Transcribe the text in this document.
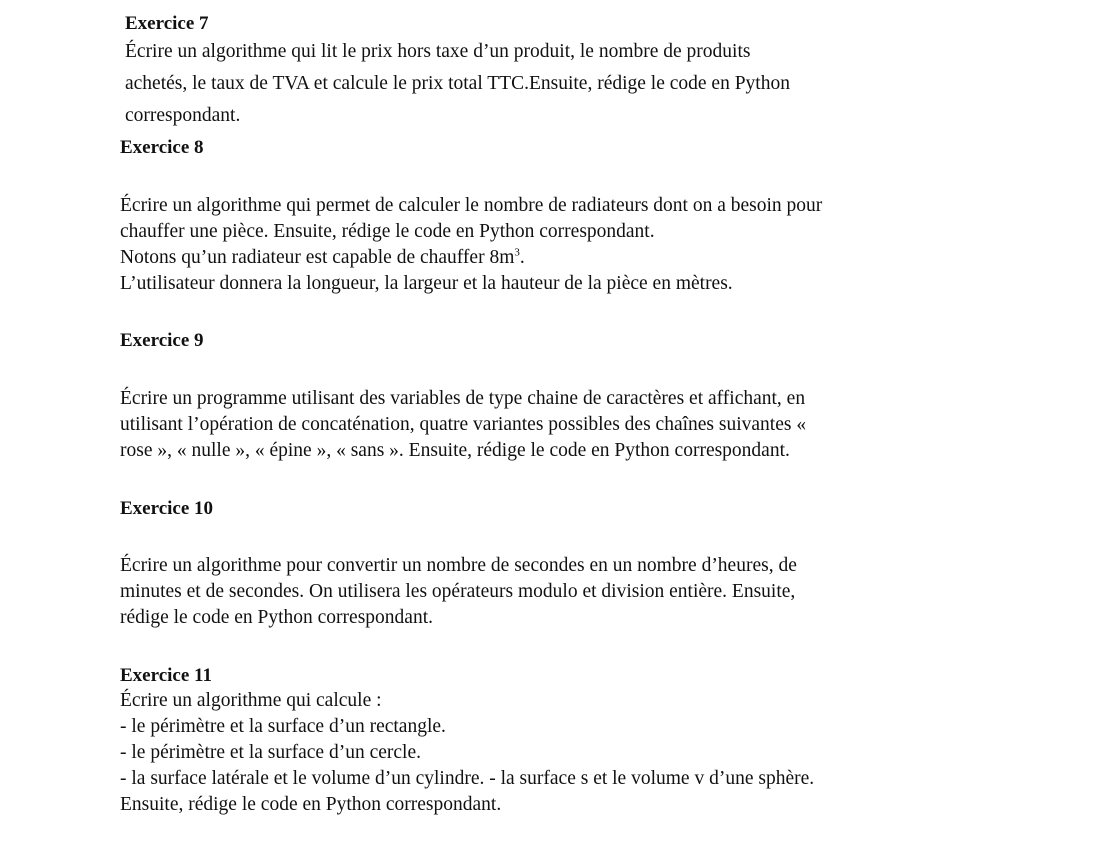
Exercice 7

Écrire un algorithme qui lit le prix hors taxe d’un produit, le nombre de produits

achetés, le taux de TVA et calcule le prix total TTC.Ensuite, rédige le code en Python

correspondant.

Exercice 8

Écrire un algorithme qui permet de calculer le nombre de radiateurs dont on a besoin pour

chauffer une pièce. Ensuite, rédige le code en Python correspondant.

Notons qu’un radiateur est capable de chauffer $8m^3$.

L’utilisateur donnera la longueur, la largeur et la hauteur de la pièce en mètres.

Exercice 9

Écrire un programme utilisant des variables de type chaine de caractères et affichant, en

utilisant l’opération de concaténation, quatre variantes possibles des chaînes suivantes «

rose », « nulle », « épine », « sans ». Ensuite, rédige le code en Python correspondant.

Exercice 10

Écrire un algorithme pour convertir un nombre de secondes en un nombre d’heures, de

minutes et de secondes. On utilisera les opérateurs modulo et division entière. Ensuite,

rédige le code en Python correspondant.

Exercice 11

Écrire un algorithme qui calcule :

- le périmètre et la surface d’un rectangle.

- le périmètre et la surface d’un cercle.

- la surface latérale et le volume d’un cylindre. - la surface s et le volume v d’une sphère.

Ensuite, rédige le code en Python correspondant.
